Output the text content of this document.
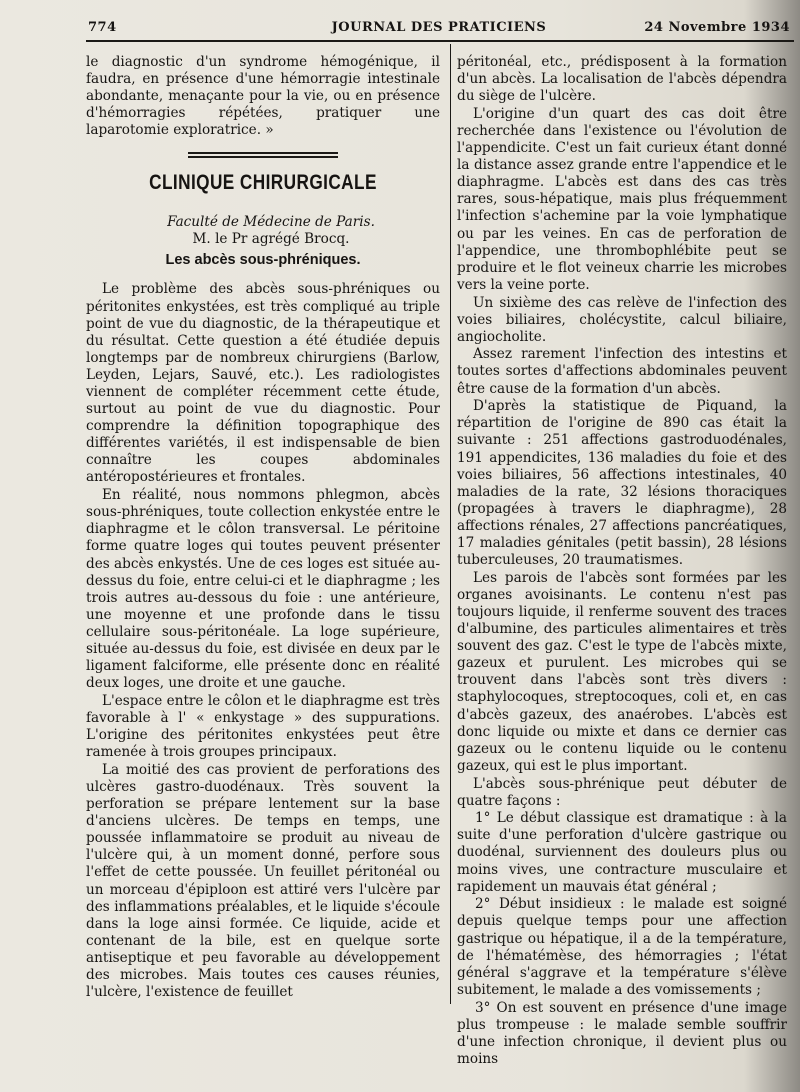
774	JOURNAL DES PRATICIENS	24 Novembre 1934

le diagnostic d'un syndrome hémogénique, il faudra, en présence d'une hémorragie intestinale abondante, menaçante pour la vie, ou en présence d'hémorragies répétées, pratiquer une laparotomie exploratrice. »

CLINIQUE CHIRURGICALE

Faculté de Médecine de Paris.

M. le Pr agrégé Brocq.

Les abcès sous-phréniques.

Le problème des abcès sous-phréniques ou péritonites enkystées, est très compliqué au triple point de vue du diagnostic, de la thérapeutique et du résultat. Cette question a été étudiée depuis longtemps par de nombreux chirurgiens (Barlow, Leyden, Lejars, Sauvé, etc.). Les radiologistes viennent de compléter récemment cette étude, surtout au point de vue du diagnostic. Pour comprendre la définition topographique des différentes variétés, il est indispensable de bien connaître les coupes abdominales antéropostérieures et frontales.

En réalité, nous nommons phlegmon, abcès sous-phréniques, toute collection enkystée entre le diaphragme et le côlon transversal. Le péritoine forme quatre loges qui toutes peuvent présenter des abcès enkystés. Une de ces loges est située au-dessus du foie, entre celui-ci et le diaphragme ; les trois autres au-dessous du foie : une antérieure, une moyenne et une profonde dans le tissu cellulaire sous-péritonéale. La loge supérieure, située au-dessus du foie, est divisée en deux par le ligament falciforme, elle présente donc en réalité deux loges, une droite et une gauche.

L'espace entre le côlon et le diaphragme est très favorable à l' « enkystage » des suppurations. L'origine des péritonites enkystées peut être ramenée à trois groupes principaux.

La moitié des cas provient de perforations des ulcères gastro-duodénaux. Très souvent la perforation se prépare lentement sur la base d'anciens ulcères. De temps en temps, une poussée inflammatoire se produit au niveau de l'ulcère qui, à un moment donné, perfore sous l'effet de cette poussée. Un feuillet péritonéal ou un morceau d'épiploon est attiré vers l'ulcère par des inflammations préalables, et le liquide s'écoule dans la loge ainsi formée. Ce liquide, acide et contenant de la bile, est en quelque sorte antiseptique et peu favorable au développement des microbes. Mais toutes ces causes réunies, l'ulcère, l'existence de feuillet

péritonéal, etc., prédisposent à la formation d'un abcès. La localisation de l'abcès dépendra du siège de l'ulcère.

L'origine d'un quart des cas doit être recherchée dans l'existence ou l'évolution de l'appendicite. C'est un fait curieux étant donné la distance assez grande entre l'appendice et le diaphragme. L'abcès est dans des cas très rares, sous-hépatique, mais plus fréquemment l'infection s'achemine par la voie lymphatique ou par les veines. En cas de perforation de l'appendice, une thrombophlébite peut se produire et le flot veineux charrie les microbes vers la veine porte.

Un sixième des cas relève de l'infection des voies biliaires, cholécystite, calcul biliaire, angiocholite.

Assez rarement l'infection des intestins et toutes sortes d'affections abdominales peuvent être cause de la formation d'un abcès.

D'après la statistique de Piquand, la répartition de l'origine de 890 cas était la suivante : 251 affections gastroduodénales, 191 appendicites, 136 maladies du foie et des voies biliaires, 56 affections intestinales, 40 maladies de la rate, 32 lésions thoraciques (propagées à travers le diaphragme), 28 affections rénales, 27 affections pancréatiques, 17 maladies génitales (petit bassin), 28 lésions tuberculeuses, 20 traumatismes.

Les parois de l'abcès sont formées par les organes avoisinants. Le contenu n'est pas toujours liquide, il renferme souvent des traces d'albumine, des particules alimentaires et très souvent des gaz. C'est le type de l'abcès mixte, gazeux et purulent. Les microbes qui se trouvent dans l'abcès sont très divers : staphylocoques, streptocoques, coli et, en cas d'abcès gazeux, des anaérobes. L'abcès est donc liquide ou mixte et dans ce dernier cas gazeux ou le contenu liquide ou le contenu gazeux, qui est le plus important.

L'abcès sous-phrénique peut débuter de quatre façons :

1° Le début classique est dramatique : à la suite d'une perforation d'ulcère gastrique ou duodénal, surviennent des douleurs plus ou moins vives, une contracture musculaire et rapidement un mauvais état général ;

2° Début insidieux : le malade est soigné depuis quelque temps pour une affection gastrique ou hépatique, il a de la température, de l'hématémèse, des hémorragies ; l'état général s'aggrave et la température s'élève subitement, le malade a des vomissements ;

3° On est souvent en présence d'une image plus trompeuse : le malade semble souffrir d'une infection chronique, il devient plus ou moins
